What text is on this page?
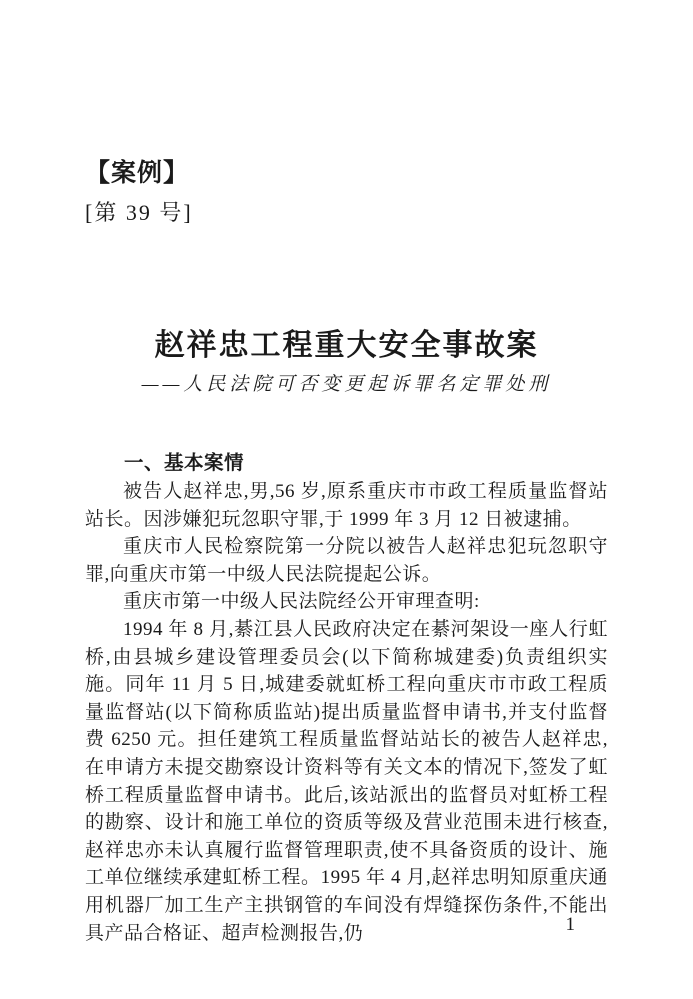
【案例】
[第 39 号]
赵祥忠工程重大安全事故案
——人民法院可否变更起诉罪名定罪处刑
一、基本案情

被告人赵祥忠,男,56 岁,原系重庆市市政工程质量监督站站长。因涉嫌犯玩忽职守罪,于 1999 年 3 月 12 日被逮捕。

重庆市人民检察院第一分院以被告人赵祥忠犯玩忽职守罪,向重庆市第一中级人民法院提起公诉。

重庆市第一中级人民法院经公开审理查明:

1994 年 8 月,綦江县人民政府决定在綦河架设一座人行虹桥,由县城乡建设管理委员会(以下简称城建委)负责组织实施。同年 11 月 5 日,城建委就虹桥工程向重庆市市政工程质量监督站(以下简称质监站)提出质量监督申请书,并支付监督费 6250 元。担任建筑工程质量监督站站长的被告人赵祥忠,在申请方未提交勘察设计资料等有关文本的情况下,签发了虹桥工程质量监督申请书。此后,该站派出的监督员对虹桥工程的勘察、设计和施工单位的资质等级及营业范围未进行核查,赵祥忠亦未认真履行监督管理职责,使不具备资质的设计、施工单位继续承建虹桥工程。1995 年 4 月,赵祥忠明知原重庆通用机器厂加工生产主拱钢管的车间没有焊缝探伤条件,不能出具产品合格证、超声检测报告,仍	1
